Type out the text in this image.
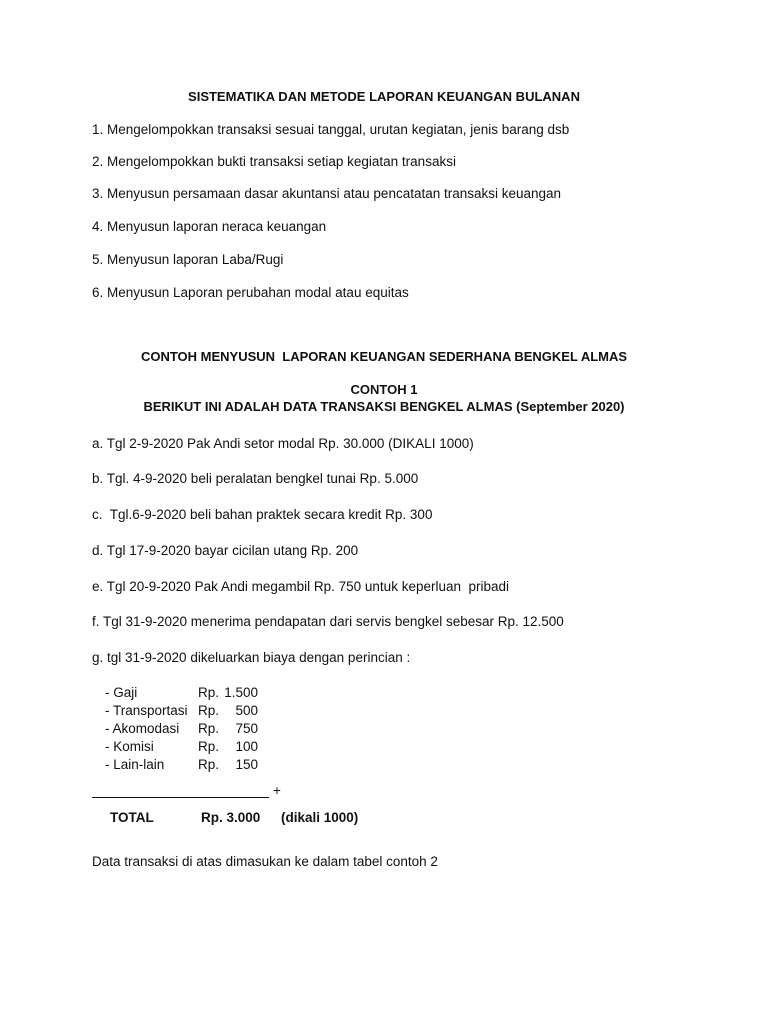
SISTEMATIKA DAN METODE LAPORAN KEUANGAN BULANAN
1. Mengelompokkan transaksi sesuai tanggal, urutan kegiatan, jenis barang dsb
2. Mengelompokkan bukti transaksi setiap kegiatan transaksi
3. Menyusun persamaan dasar akuntansi atau pencatatan transaksi keuangan
4. Menyusun laporan neraca keuangan
5. Menyusun laporan Laba/Rugi
6. Menyusun Laporan perubahan modal atau equitas
CONTOH MENYUSUN  LAPORAN KEUANGAN SEDERHANA BENGKEL ALMAS
CONTOH 1
BERIKUT INI ADALAH DATA TRANSAKSI BENGKEL ALMAS (September 2020)
a. Tgl 2-9-2020 Pak Andi setor modal Rp. 30.000 (DIKALI 1000)
b. Tgl. 4-9-2020 beli peralatan bengkel tunai Rp. 5.000
c.  Tgl.6-9-2020 beli bahan praktek secara kredit Rp. 300
d. Tgl 17-9-2020 bayar cicilan utang Rp. 200
e. Tgl 20-9-2020 Pak Andi megambil Rp. 750 untuk keperluan  pribadi
f. Tgl 31-9-2020 menerima pendapatan dari servis bengkel sebesar Rp. 12.500
g. tgl 31-9-2020 dikeluarkan biaya dengan perincian :
- Gaji	Rp. 1.500
- Transportasi Rp.	500
- Akomodasi Rp.	750
- Komisi	Rp.	100
- Lain-lain Rp.	150
+
TOTAL	Rp. 3.000 (dikali 1000)
Data transaksi di atas dimasukan ke dalam tabel contoh 2
